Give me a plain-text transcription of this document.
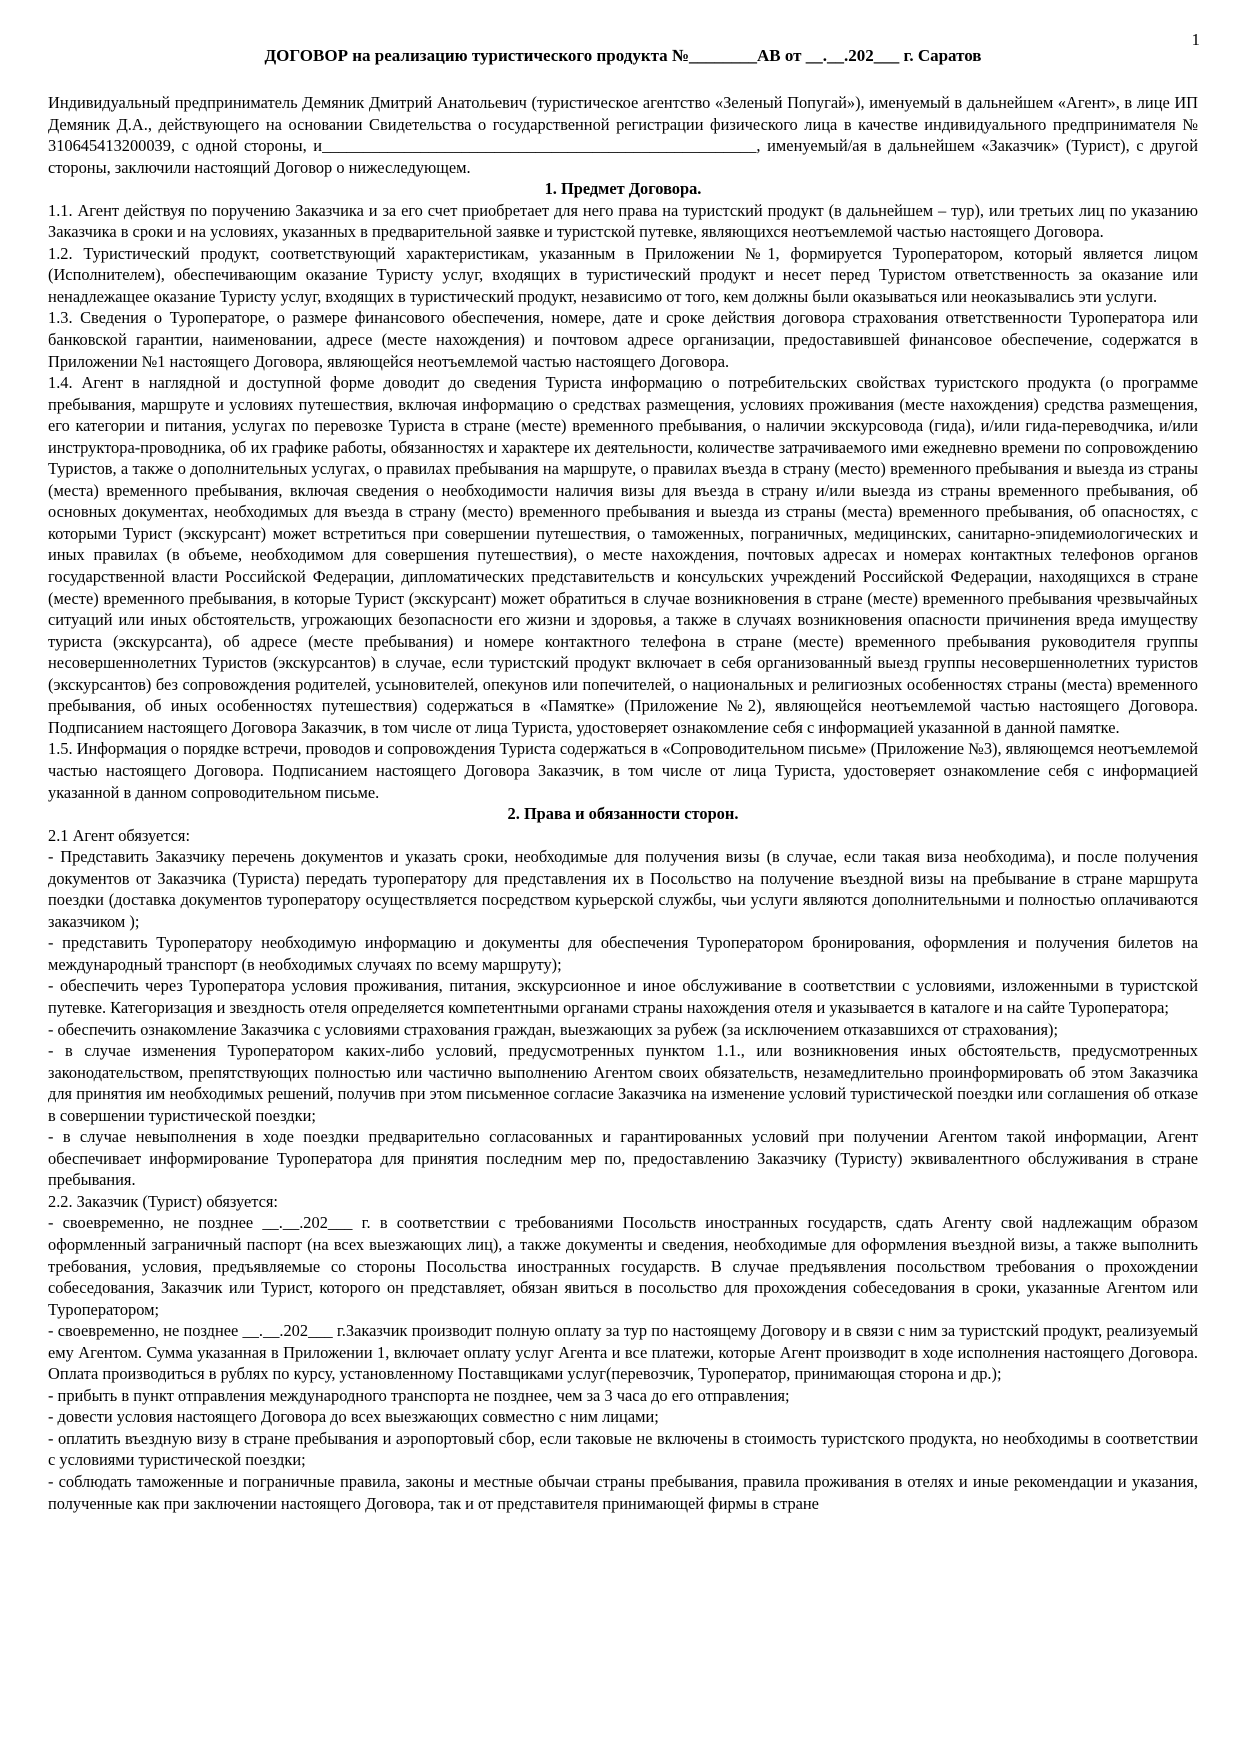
1
ДОГОВОР на реализацию туристического продукта №________АВ от __.__.202___ г. Саратов

Индивидуальный предприниматель Демяник Дмитрий Анатольевич (туристическое агентство «Зеленый Попугай»), именуемый в дальнейшем «Агент», в лице ИП Демяник Д.А., действующего на основании Свидетельства о государственной регистрации физического лица в качестве индивидуального предпринимателя № 310645413200039, с одной стороны, и_____________________________________________________, именуемый/ая в дальнейшем «Заказчик» (Турист), с другой стороны, заключили настоящий Договор о нижеследующем.

1. Предмет Договора.

1.1. Агент действуя по поручению Заказчика и за его счет приобретает для него права на туристский продукт (в дальнейшем – тур), или третьих лиц по указанию Заказчика в сроки и на условиях, указанных в предварительной заявке и туристской путевке, являющихся неотъемлемой частью настоящего Договора.

1.2. Туристический продукт, соответствующий характеристикам, указанным в Приложении №1, формируется Туроператором, который является лицом (Исполнителем), обеспечивающим оказание Туристу услуг, входящих в туристический продукт и несет перед Туристом ответственность за оказание или ненадлежащее оказание Туристу услуг, входящих в туристический продукт, независимо от того, кем должны были оказываться или неоказывались эти услуги.

1.3. Сведения о Туроператоре, о размере финансового обеспечения, номере, дате и сроке действия договора страхования ответственности Туроператора или банковской гарантии, наименовании, адресе (месте нахождения) и почтовом адресе организации, предоставившей финансовое обеспечение, содержатся в Приложении №1 настоящего Договора, являющейся неотъемлемой частью настоящего Договора.

1.4. Агент в наглядной и доступной форме доводит до сведения Туриста информацию о потребительских свойствах туристского продукта (о программе пребывания, маршруте и условиях путешествия, включая информацию о средствах размещения, условиях проживания (месте нахождения) средства размещения, его категории и питания, услугах по перевозке Туриста в стране (месте) временного пребывания, о наличии экскурсовода (гида), и/или гида-переводчика, и/или инструктора-проводника, об их графике работы, обязанностях и характере их деятельности, количестве затрачиваемого ими ежедневно времени по сопровождению Туристов, а также о дополнительных услугах, о правилах пребывания на маршруте, о правилах въезда в страну (место) временного пребывания и выезда из страны (места) временного пребывания, включая сведения о необходимости наличия визы для въезда в страну и/или выезда из страны временного пребывания, об основных документах, необходимых для въезда в страну (место) временного пребывания и выезда из страны (места) временного пребывания, об опасностях, с которыми Турист (экскурсант) может встретиться при совершении путешествия, о таможенных, пограничных, медицинских, санитарно-эпидемиологических и иных правилах (в объеме, необходимом для совершения путешествия), о месте нахождения, почтовых адресах и номерах контактных телефонов органов государственной власти Российской Федерации, дипломатических представительств и консульских учреждений Российской Федерации, находящихся в стране (месте) временного пребывания, в которые Турист (экскурсант) может обратиться в случае возникновения в стране (месте) временного пребывания чрезвычайных ситуаций или иных обстоятельств, угрожающих безопасности его жизни и здоровья, а также в случаях возникновения опасности причинения вреда имуществу туриста (экскурсанта), об адресе (месте пребывания) и номере контактного телефона в стране (месте) временного пребывания руководителя группы несовершеннолетних Туристов (экскурсантов) в случае, если туристский продукт включает в себя организованный выезд группы несовершеннолетних туристов (экскурсантов) без сопровождения родителей, усыновителей, опекунов или попечителей, о национальных и религиозных особенностях страны (места) временного пребывания, об иных особенностях путешествия) содержаться в «Памятке» (Приложение №2), являющейся неотъемлемой частью настоящего Договора. Подписанием настоящего Договора Заказчик, в том числе от лица Туриста, удостоверяет ознакомление себя с информацией указанной в данной памятке.

1.5. Информация о порядке встречи, проводов и сопровождения Туриста содержаться в «Сопроводительном письме» (Приложение №3), являющемся неотъемлемой частью настоящего Договора. Подписанием настоящего Договора Заказчик, в том числе от лица Туриста, удостоверяет ознакомление себя с информацией указанной в данном сопроводительном письме.

2. Права и обязанности сторон.

2.1 Агент обязуется:

- Представить Заказчику перечень документов и указать сроки, необходимые для получения визы (в случае, если такая виза необходима), и после получения документов от Заказчика (Туриста) передать туроператору для представления их в Посольство на получение въездной визы на пребывание в стране маршрута поездки (доставка документов туроператору осуществляется посредством курьерской службы, чьи услуги являются дополнительными и полностью оплачиваются заказчиком );

- представить Туроператору необходимую информацию и документы для обеспечения Туроператором бронирования, оформления и получения билетов на международный транспорт (в необходимых случаях по всему маршруту);

- обеспечить через Туроператора условия проживания, питания, экскурсионное и иное обслуживание в соответствии с условиями, изложенными в туристской путевке. Категоризация и звездность отеля определяется компетентными органами страны нахождения отеля и указывается в каталоге и на сайте Туроператора;

- обеспечить ознакомление Заказчика с условиями страхования граждан, выезжающих за рубеж (за исключением отказавшихся от страхования);

- в случае изменения Туроператором каких-либо условий, предусмотренных пунктом 1.1., или возникновения иных обстоятельств, предусмотренных законодательством, препятствующих полностью или частично выполнению Агентом своих обязательств, незамедлительно проинформировать об этом Заказчика для принятия им необходимых решений, получив при этом письменное согласие Заказчика на изменение условий туристической поездки или соглашения об отказе в совершении туристической поездки;

- в случае невыполнения в ходе поездки предварительно согласованных и гарантированных условий при получении Агентом такой информации, Агент обеспечивает информирование Туроператора для принятия последним мер по, предоставлению Заказчику (Туристу) эквивалентного обслуживания в стране пребывания.

2.2. Заказчик (Турист) обязуется:

- своевременно, не позднее __.__.202___ г. в соответствии с требованиями Посольств иностранных государств, сдать Агенту свой надлежащим образом оформленный заграничный паспорт (на всех выезжающих лиц), а также документы и сведения, необходимые для оформления въездной визы, а также выполнить требования, условия, предъявляемые со стороны Посольства иностранных государств. В случае предъявления посольством требования о прохождении собеседования, Заказчик или Турист, которого он представляет, обязан явиться в посольство для прохождения собеседования в сроки, указанные Агентом или Туроператором;

- своевременно, не позднее __.__.202___ г.Заказчик производит полную оплату за тур по настоящему Договору и в связи с ним за туристский продукт, реализуемый ему Агентом. Сумма указанная в Приложении 1, включает оплату услуг Агента и все платежи, которые Агент производит в ходе исполнения настоящего Договора. Оплата производиться в рублях по курсу, установленному Поставщиками услуг(перевозчик, Туроператор, принимающая сторона и др.);

- прибыть в пункт отправления международного транспорта не позднее, чем за 3 часа до его отправления;

- довести условия настоящего Договора до всех выезжающих совместно с ним лицами;

- оплатить въездную визу в стране пребывания и аэропортовый сбор, если таковые не включены в стоимость туристского продукта, но необходимы в соответствии с условиями туристической поездки;

- соблюдать таможенные и пограничные правила, законы и местные обычаи страны пребывания, правила проживания в отелях и иные рекомендации и указания, полученные как при заключении настоящего Договора, так и от представителя принимающей фирмы в стране
